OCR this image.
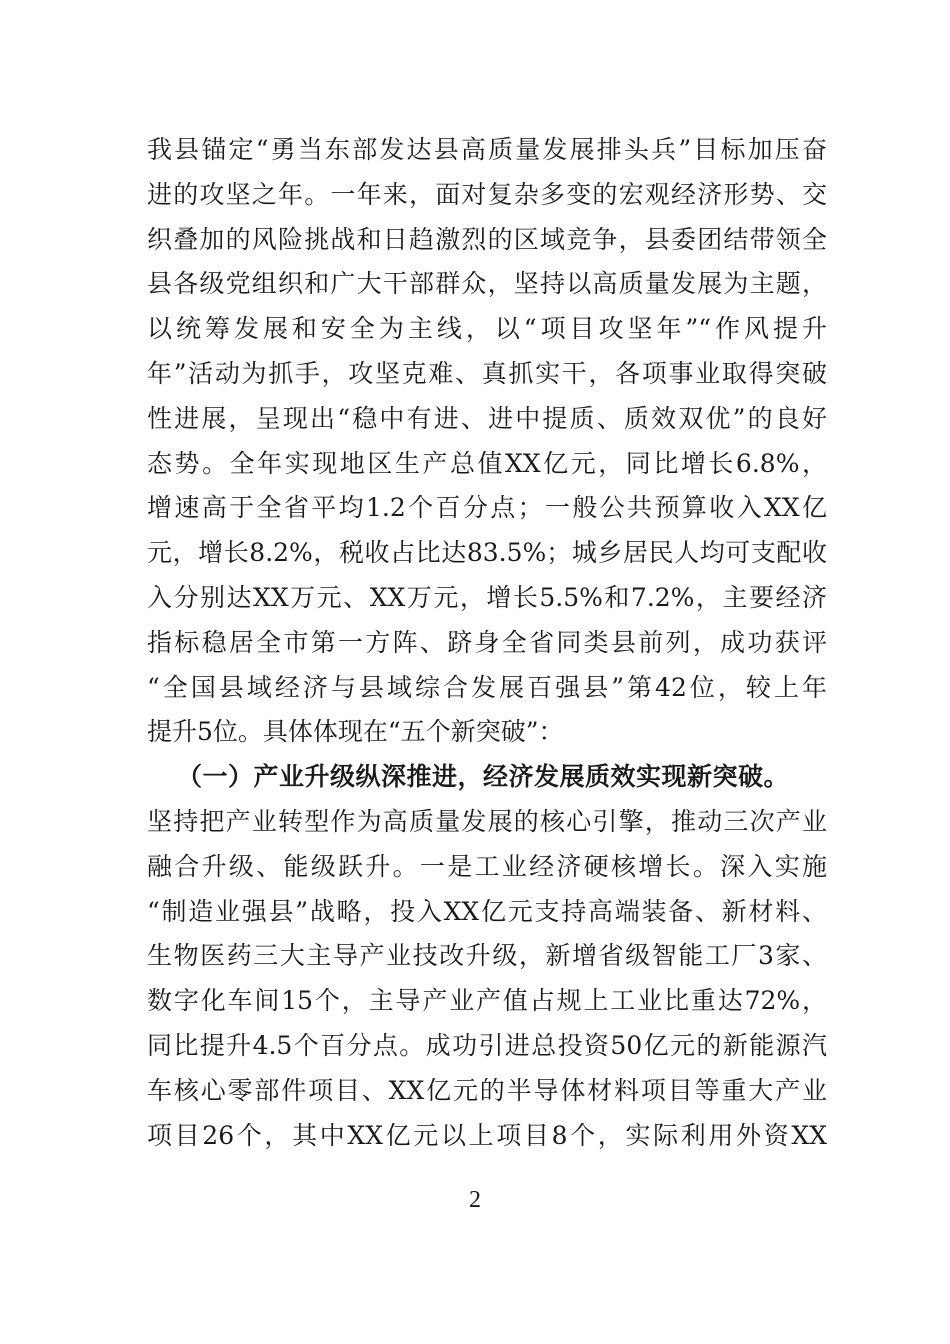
我县锚定“勇当东部发达县高质量发展排头兵”目标加压奋
进的攻坚之年。一年来，面对复杂多变的宏观经济形势、交
织叠加的风险挑战和日趋激烈的区域竞争，县委团结带领全
县各级党组织和广大干部群众，坚持以高质量发展为主题，
以统筹发展和安全为主线，以“项目攻坚年”“作风提升
年”活动为抓手，攻坚克难、真抓实干，各项事业取得突破
性进展，呈现出“稳中有进、进中提质、质效双优”的良好
态势。全年实现地区生产总值XX亿元，同比增长6.8%，
增速高于全省平均1.2个百分点；一般公共预算收入XX亿
元，增长8.2%，税收占比达83.5%；城乡居民人均可支配收
入分别达XX万元、XX万元，增长5.5%和7.2%，主要经济
指标稳居全市第一方阵、跻身全省同类县前列，成功获评
“全国县域经济与县域综合发展百强县”第42位，较上年
提升5位。具体体现在“五个新突破”：
（一）产业升级纵深推进，经济发展质效实现新突破。
坚持把产业转型作为高质量发展的核心引擎，推动三次产业
融合升级、能级跃升。一是工业经济硬核增长。深入实施
“制造业强县”战略，投入XX亿元支持高端装备、新材料、
生物医药三大主导产业技改升级，新增省级智能工厂3家、
数字化车间15个，主导产业产值占规上工业比重达72%，
同比提升4.5个百分点。成功引进总投资50亿元的新能源汽
车核心零部件项目、XX亿元的半导体材料项目等重大产业
项目26个，其中XX亿元以上项目8个，实际利用外资XX
2
